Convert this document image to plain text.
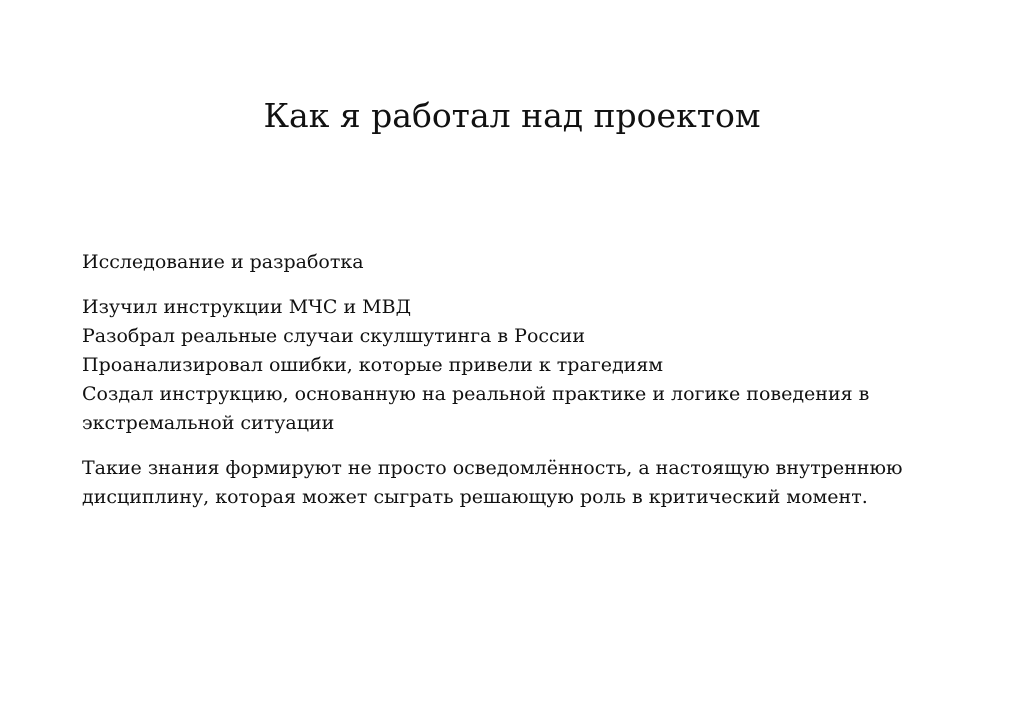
Как я работал над проектом

Исследование и разработка

Изучил инструкции МЧС и МВД
Разобрал реальные случаи скулшутинга в России
Проанализировал ошибки, которые привели к трагедиям
Создал инструкцию, основанную на реальной практике и логике поведения в экстремальной ситуации

Такие знания формируют не просто осведомлённость, а настоящую внутреннюю дисциплину, которая может сыграть решающую роль в критический момент.
